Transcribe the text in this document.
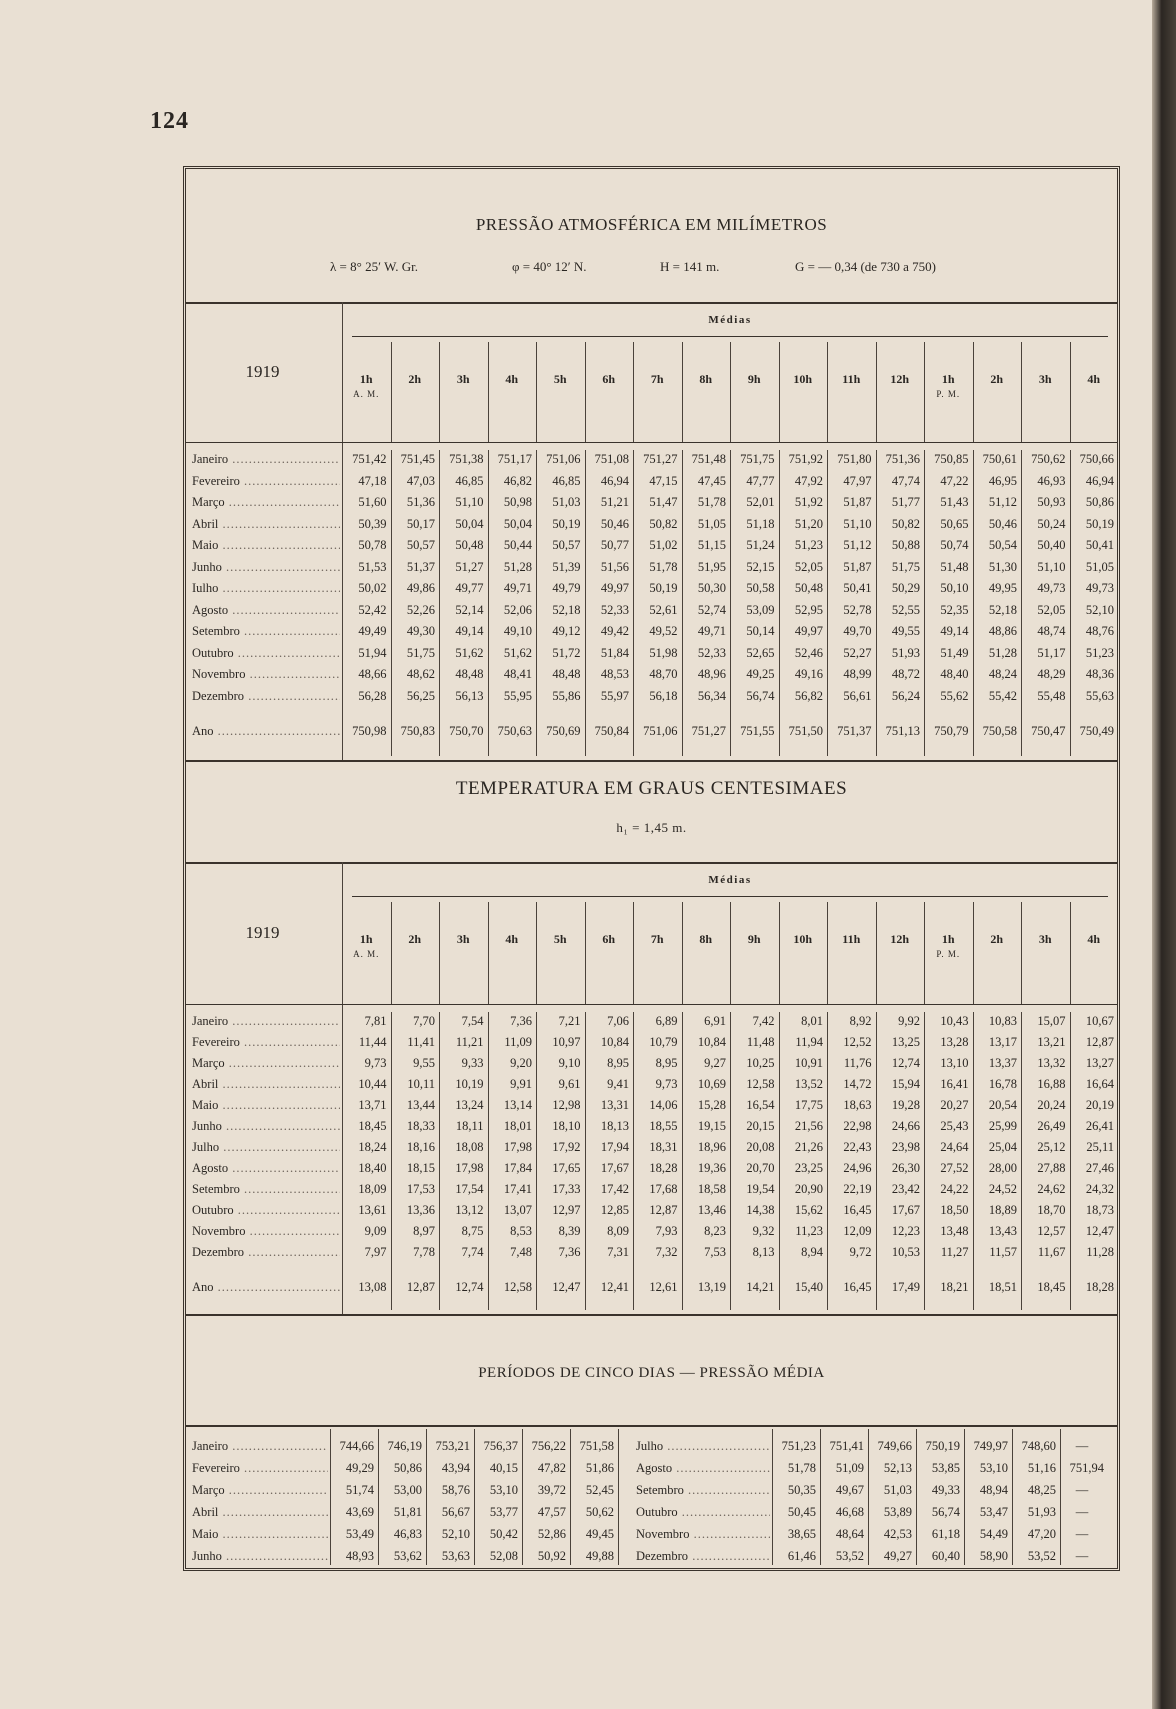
124
PRESSÃO ATMOSFÉRICA EM MILÍMETROS
λ = 8° 25′ W. Gr.	φ = 40° 12′ N.	H = 141 m.	G = — 0,34 (de 730 a 750)
1919
Médias
1h
A. M.
2h	3h	4h	5h	6h	7h	8h	9h	10h	11h	12h	1h
P. M.
2h	3h	4h
Janeiro .....	751,42	751,45	751,38	751,17	751,06	751,08	751,27	751,48	751,75	751,92	751,80	751,36	750,85	750,61	750,62	750,66
Fevereiro .....	47,18	47,03	46,85	46,82	46,85	46,94	47,15	47,45	47,77	47,92	47,97	47,74	47,22	46,95	46,93	46,94
Março .....	51,60	51,36	51,10	50,98	51,03	51,21	51,47	51,78	52,01	51,92	51,87	51,77	51,43	51,12	50,93	50,86
Abril .....	50,39	50,17	50,04	50,04	50,19	50,46	50,82	51,05	51,18	51,20	51,10	50,82	50,65	50,46	50,24	50,19
Maio .....	50,78	50,57	50,48	50,44	50,57	50,77	51,02	51,15	51,24	51,23	51,12	50,88	50,74	50,54	50,40	50,41
Junho .....	51,53	51,37	51,27	51,28	51,39	51,56	51,78	51,95	52,15	52,05	51,87	51,75	51,48	51,30	51,10	51,05
Iulho .....	50,02	49,86	49,77	49,71	49,79	49,97	50,19	50,30	50,58	50,48	50,41	50,29	50,10	49,95	49,73	49,73
Agosto .....	52,42	52,26	52,14	52,06	52,18	52,33	52,61	52,74	53,09	52,95	52,78	52,55	52,35	52,18	52,05	52,10
Setembro .....	49,49	49,30	49,14	49,10	49,12	49,42	49,52	49,71	50,14	49,97	49,70	49,55	49,14	48,86	48,74	48,76
Outubro .....	51,94	51,75	51,62	51,62	51,72	51,84	51,98	52,33	52,65	52,46	52,27	51,93	51,49	51,28	51,17	51,23
Novembro .....	48,66	48,62	48,48	48,41	48,48	48,53	48,70	48,96	49,25	49,16	48,99	48,72	48,40	48,24	48,29	48,36
Dezembro .....	56,28	56,25	56,13	55,95	55,86	55,97	56,18	56,34	56,74	56,82	56,61	56,24	55,62	55,42	55,48	55,63
Ano .....	750,98	750,83	750,70	750,63	750,69	750,84	751,06	751,27	751,55	751,50	751,37	751,13	750,79	750,58	750,47	750,49
TEMPERATURA EM GRAUS CENTESIMAES
h₁ = 1,45 m.
1919
Médias
1h
A. M.
2h	3h	4h	5h	6h	7h	8h	9h	10h	11h	12h	1h
P. M.
2h	3h	4h
Janeiro .....	7,81	7,70	7,54	7,36	7,21	7,06	6,89	6,91	7,42	8,01	8,92	9,92	10,43	10,83	15,07	10,67
Fevereiro .....	11,44	11,41	11,21	11,09	10,97	10,84	10,79	10,84	11,48	11,94	12,52	13,25	13,28	13,17	13,21	12,87
Março .....	9,73	9,55	9,33	9,20	9,10	8,95	8,95	9,27	10,25	10,91	11,76	12,74	13,10	13,37	13,32	13,27
Abril .....	10,44	10,11	10,19	9,91	9,61	9,41	9,73	10,69	12,58	13,52	14,72	15,94	16,41	16,78	16,88	16,64
Maio .....	13,71	13,44	13,24	13,14	12,98	13,31	14,06	15,28	16,54	17,75	18,63	19,28	20,27	20,54	20,24	20,19
Junho .....	18,45	18,33	18,11	18,01	18,10	18,13	18,55	19,15	20,15	21,56	22,98	24,66	25,43	25,99	26,49	26,41
Julho .....	18,24	18,16	18,08	17,98	17,92	17,94	18,31	18,96	20,08	21,26	22,43	23,98	24,64	25,04	25,12	25,11
Agosto .....	18,40	18,15	17,98	17,84	17,65	17,67	18,28	19,36	20,70	23,25	24,96	26,30	27,52	28,00	27,88	27,46
Setembro .....	18,09	17,53	17,54	17,41	17,33	17,42	17,68	18,58	19,54	20,90	22,19	23,42	24,22	24,52	24,62	24,32
Outubro .....	13,61	13,36	13,12	13,07	12,97	12,85	12,87	13,46	14,38	15,62	16,45	17,67	18,50	18,89	18,70	18,73
Novembro .....	9,09	8,97	8,75	8,53	8,39	8,09	7,93	8,23	9,32	11,23	12,09	12,23	13,48	13,43	12,57	12,47
Dezembro .....	7,97	7,78	7,74	7,48	7,36	7,31	7,32	7,53	8,13	8,94	9,72	10,53	11,27	11,57	11,67	11,28
Ano .....	13,08	12,87	12,74	12,58	12,47	12,41	12,61	13,19	14,21	15,40	16,45	17,49	18,21	18,51	18,45	18,28
PERÍODOS DE CINCO DIAS — PRESSÃO MÉDIA
Janeiro .....	744,66	746,19	753,21	756,37	756,22	751,58
Fevereiro .....	49,29	50,86	43,94	40,15	47,82	51,86
Março .....	51,74	53,00	58,76	53,10	39,72	52,45
Abril .....	43,69	51,81	56,67	53,77	47,57	50,62
Maio .....	53,49	46,83	52,10	50,42	52,86	49,45
Junho .....	48,93	53,62	53,63	52,08	50,92	49,88
Julho .....	751,23	751,41	749,66	750,19	749,97	748,60	—
Agosto .....	51,78	51,09	52,13	53,85	53,10	51,16	751,94
Setembro .....	50,35	49,67	51,03	49,33	48,94	48,25	—
Outubro .....	50,45	46,68	53,89	56,74	53,47	51,93	—
Novembro .....	38,65	48,64	42,53	61,18	54,49	47,20	—
Dezembro .....	61,46	53,52	49,27	60,40	58,90	53,52	—
